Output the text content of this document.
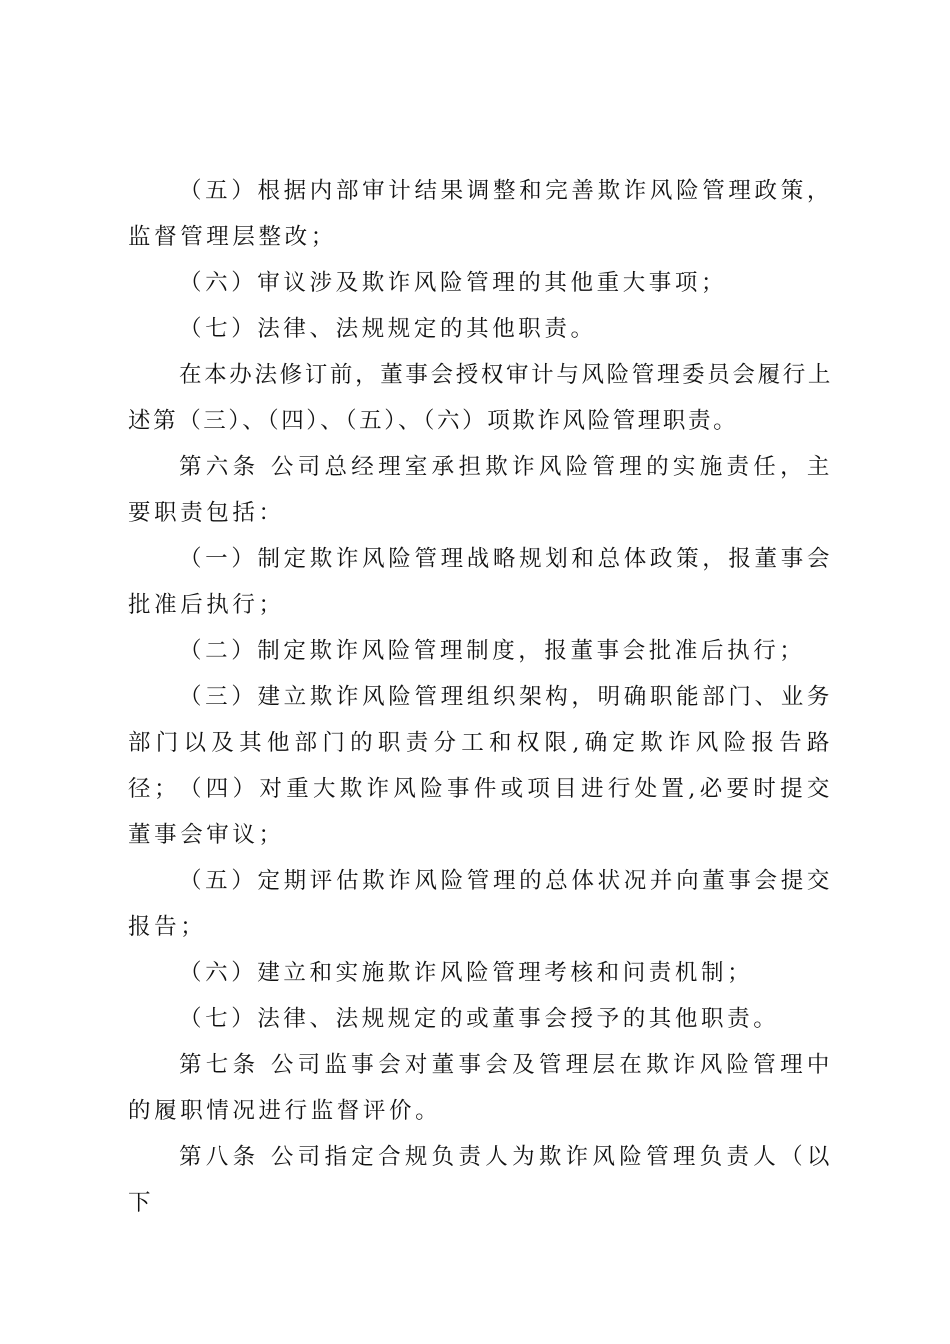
（五）根据内部审计结果调整和完善欺诈风险管理政策，监督管理层整改；

（六）审议涉及欺诈风险管理的其他重大事项；

（七）法律、法规规定的其他职责。

在本办法修订前，董事会授权审计与风险管理委员会履行上述第（三）、（四）、（五）、（六）项欺诈风险管理职责。

第六条 公司总经理室承担欺诈风险管理的实施责任，主要职责包括：

（一）制定欺诈风险管理战略规划和总体政策，报董事会批准后执行；

（二）制定欺诈风险管理制度，报董事会批准后执行；

（三）建立欺诈风险管理组织架构，明确职能部门、业务部门以及其他部门的职责分工和权限,确定欺诈风险报告路径；

（四）对重大欺诈风险事件或项目进行处置,必要时提交董事会审议；

（五）定期评估欺诈风险管理的总体状况并向董事会提交报告；

（六）建立和实施欺诈风险管理考核和问责机制；

（七）法律、法规规定的或董事会授予的其他职责。

第七条 公司监事会对董事会及管理层在欺诈风险管理中的履职情况进行监督评价。

第八条 公司指定合规负责人为欺诈风险管理负责人（以下
